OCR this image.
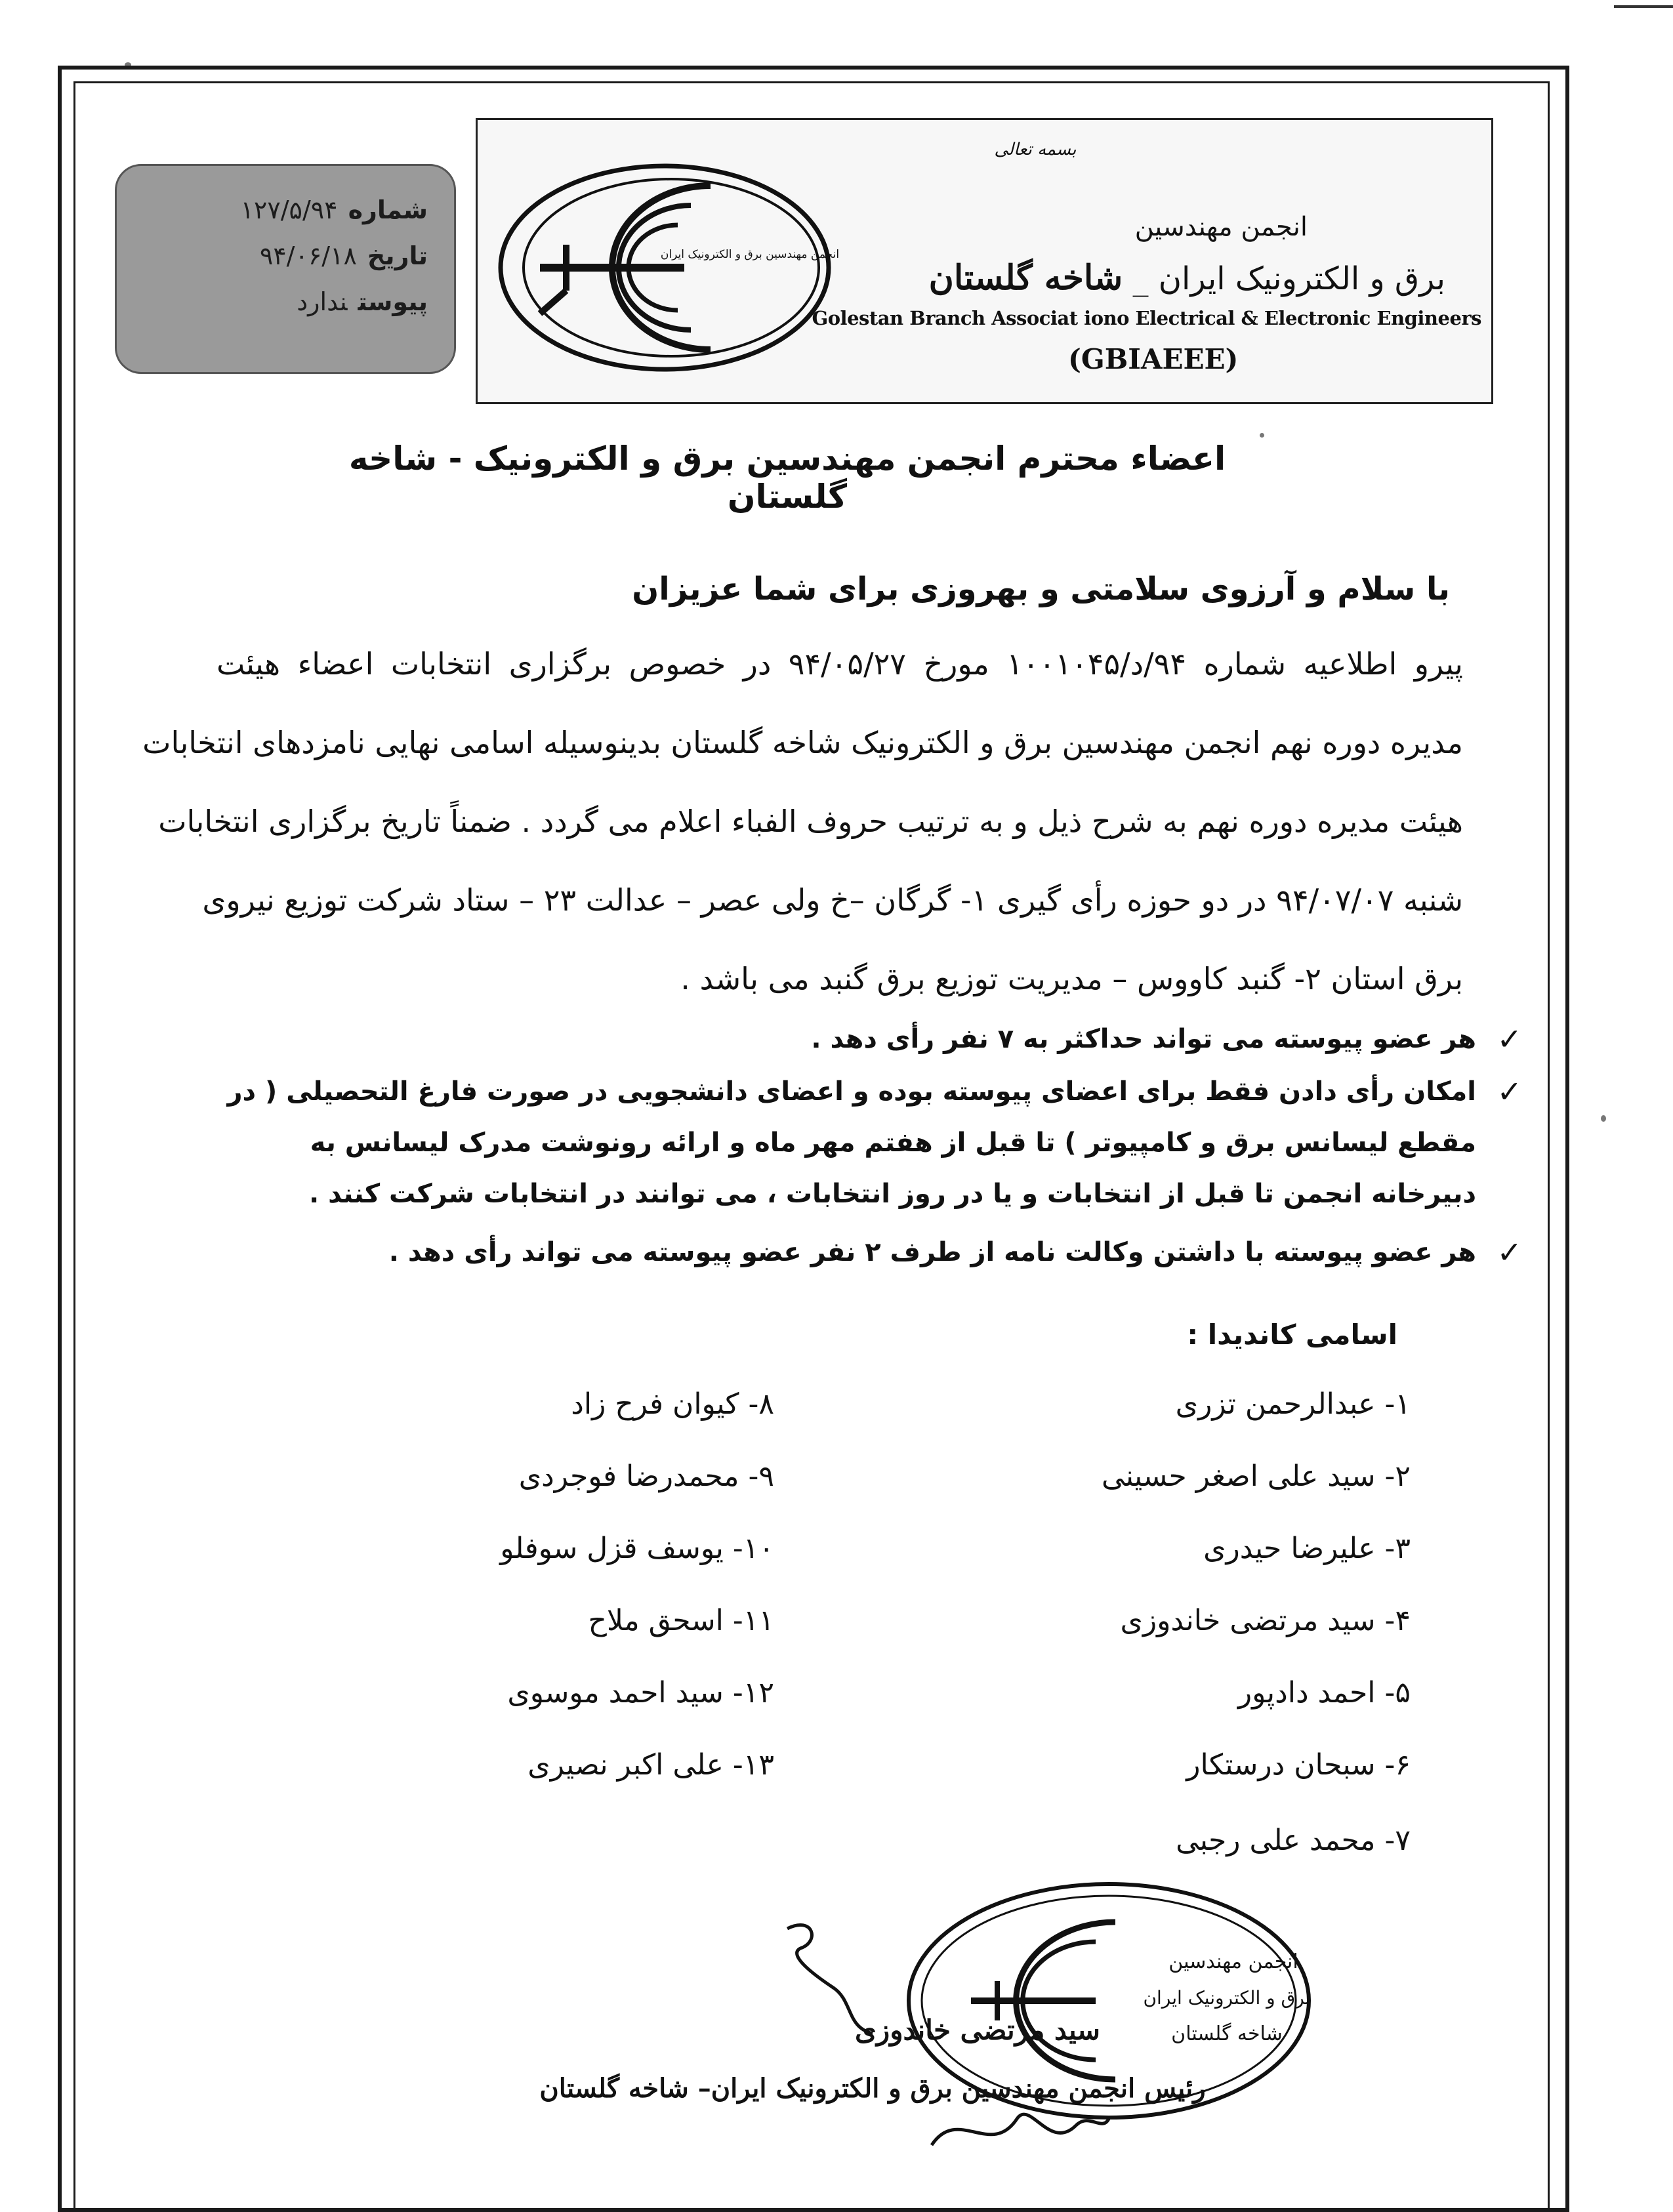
شماره۱۲۷/۵/۹۴
تاریخ۹۴/۰۶/۱۸
پیوستندارد
انجمن مهندسین برق و الکترونیک ایران
بسمه تعالی
انجمن مهندسین
برق و الکترونیک ایران _ شاخه گلستان
Golestan Branch Associat iono Electrical & Electronic Engineers
(GBIAEEE)
اعضاء محترم انجمن مهندسین برق و الکترونیک - شاخه گلستان
با سلام و آرزوی سلامتی و بهروزی برای شما عزیزان
پیرو اطلاعیه شماره ۹۴/د/۱۰۰۱۰۴۵ مورخ ۹۴/۰۵/۲۷ در خصوص برگزاری انتخابات اعضاء هیئت
مدیره دوره نهم انجمن مهندسین برق و الکترونیک شاخه گلستان بدینوسیله اسامی نهایی نامزدهای انتخابات
هیئت مدیره دوره نهم به شرح ذیل و به ترتیب حروف الفباء اعلام می گردد . ضمناً تاریخ برگزاری انتخابات
شنبه ۹۴/۰۷/۰۷ در دو حوزه رأی گیری ۱- گرگان –خ ولی عصر – عدالت ۲۳ – ستاد شرکت توزیع نیروی
برق استان ۲- گنبد کاووس – مدیریت توزیع برق گنبد می باشد .
✓
هر عضو پیوسته می تواند حداکثر به ۷ نفر رأی دهد .
✓
امکان رأی دادن فقط برای اعضای پیوسته بوده و اعضای دانشجویی در صورت فارغ التحصیلی ( در مقطع لیسانس برق و کامپیوتر ) تا قبل از هفتم مهر ماه و ارائه رونوشت مدرک لیسانس به دبیرخانه انجمن تا قبل از انتخابات و یا در روز انتخابات ، می توانند در انتخابات شرکت کنند .
✓
هر عضو پیوسته با داشتن وکالت نامه از طرف ۲ نفر عضو پیوسته می تواند رأی دهد .
اسامی کاندیدا :
۱- عبدالرحمن تزری
۲- سید علی اصغر حسینی
۳- علیرضا حیدری
۴- سید مرتضی خاندوزی
۵- احمد دادپور
۶- سبحان درستکار
۷- محمد علی رجبی
۸- کیوان فرح زاد
۹- محمدرضا فوجردی
۱۰- یوسف قزل سوفلو
۱۱- اسحق ملاح
۱۲- سید احمد موسوی
۱۳- علی اکبر نصیری
انجمن مهندسین
برق و الکترونیک ایران
شاخه گلستان
سید مرتضی خاندوزی
رئیس انجمن مهندسین برق و الکترونیک ایران– شاخه گلستان
